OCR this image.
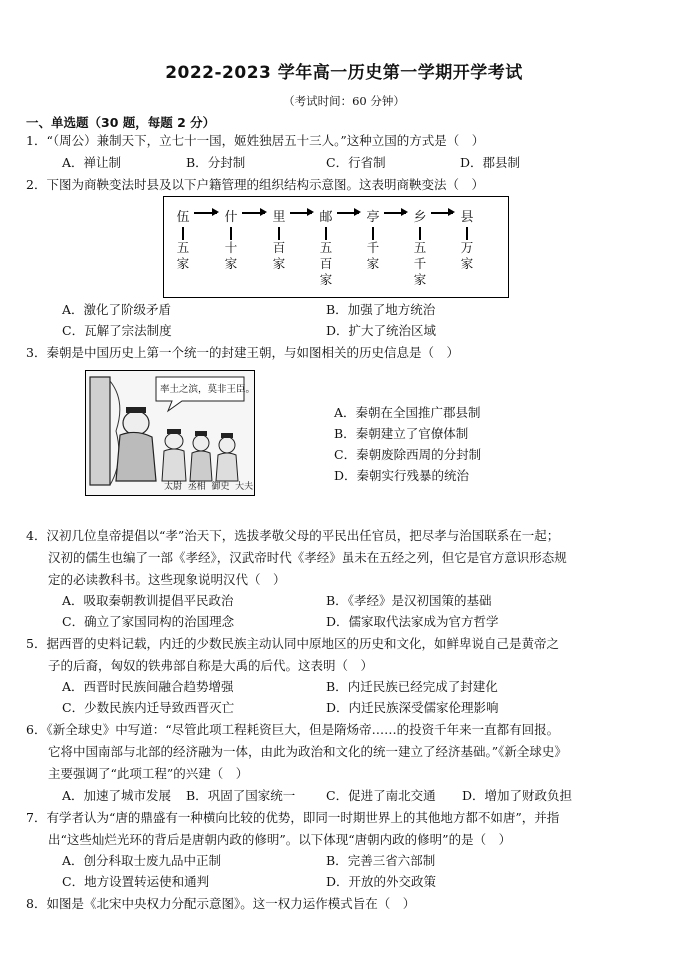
2022-2023 学年高一历史第一学期开学考试
（考试时间：60 分钟）
一、单选题（30 题，每题 2 分）
1．“（周公）兼制天下，立七十一国，姬姓独居五十三人。”这种立国的方式是（　）
A．禅让制	B．分封制	C．行省制	D．郡县制
2．下图为商鞅变法时县及以下户籍管理的组织结构示意图。这表明商鞅变法（　）
伍
五
家
什
十
家
里
百
家
邮
五
百
家
亭
千
家
乡
五
千
家
县
万
家
A．激化了阶级矛盾	B．加强了地方统治
C．瓦解了宗法制度	D．扩大了统治区域
3．秦朝是中国历史上第一个统一的封建王朝，与如图相关的历史信息是（　）
率土之滨，莫非王臣。
太尉  丞相  御史  大夫
A．秦朝在全国推广郡县制
B．秦朝建立了官僚体制
C．秦朝废除西周的分封制
D．秦朝实行残暴的统治
4．汉初几位皇帝提倡以“孝”治天下，选拔孝敬父母的平民出任官员，把尽孝与治国联系在一起；
汉初的儒生也编了一部《孝经》，汉武帝时代《孝经》虽未在五经之列，但它是官方意识形态规
定的必读教科书。这些现象说明汉代（　）
A．吸取秦朝教训提倡平民政治	B．《孝经》是汉初国策的基础
C．确立了家国同构的治国理念	D．儒家取代法家成为官方哲学
5．据西晋的史料记载，内迁的少数民族主动认同中原地区的历史和文化，如鲜卑说自己是黄帝之
子的后裔，匈奴的铁弗部自称是大禹的后代。这表明（　）
A．西晋时民族间融合趋势增强	B．内迁民族已经完成了封建化
C．少数民族内迁导致西晋灭亡	D．内迁民族深受儒家伦理影响
6．《新全球史》中写道：“尽管此项工程耗资巨大，但是隋炀帝……的投资千年来一直都有回报。
它将中国南部与北部的经济融为一体，由此为政治和文化的统一建立了经济基础。”《新全球史》
主要强调了“此项工程”的兴建（　）
A．加速了城市发展 B．巩固了国家统一 C．促进了南北交通 D．增加了财政负担
7．有学者认为“唐的鼎盛有一种横向比较的优势，即同一时期世界上的其他地方都不如唐”，并指
出“这些灿烂光环的背后是唐朝内政的修明”。以下体现“唐朝内政的修明”的是（　）
A．创分科取士废九品中正制	B．完善三省六部制
C．地方设置转运使和通判	D．开放的外交政策
8．如图是《北宋中央权力分配示意图》。这一权力运作模式旨在（　）
